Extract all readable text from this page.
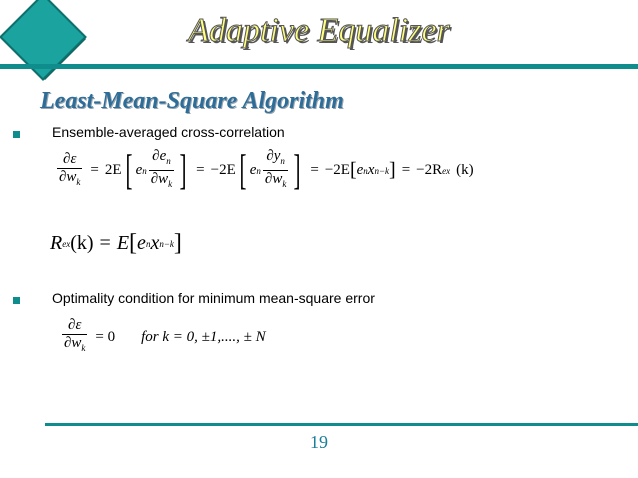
Adaptive Equalizer
Least-Mean-Square Algorithm
Ensemble-averaged cross-correlation
$\frac{\partial\varepsilon}{\partial w_k} = 2E$ [ e n $\frac{\partial e_n}{\partial w_k}$ ] = −2E [ e n $\frac{\partial y_n}{\partial w_k}$ ] = −2E [ e n x n−k ] = −2R ex (k)
R ex (k) = E [ e n x n−k ]
Optimality condition for minimum mean-square error
$\frac{\partial\varepsilon}{\partial w_k} = 0$ for k = 0, ±1,...., ± N
19
